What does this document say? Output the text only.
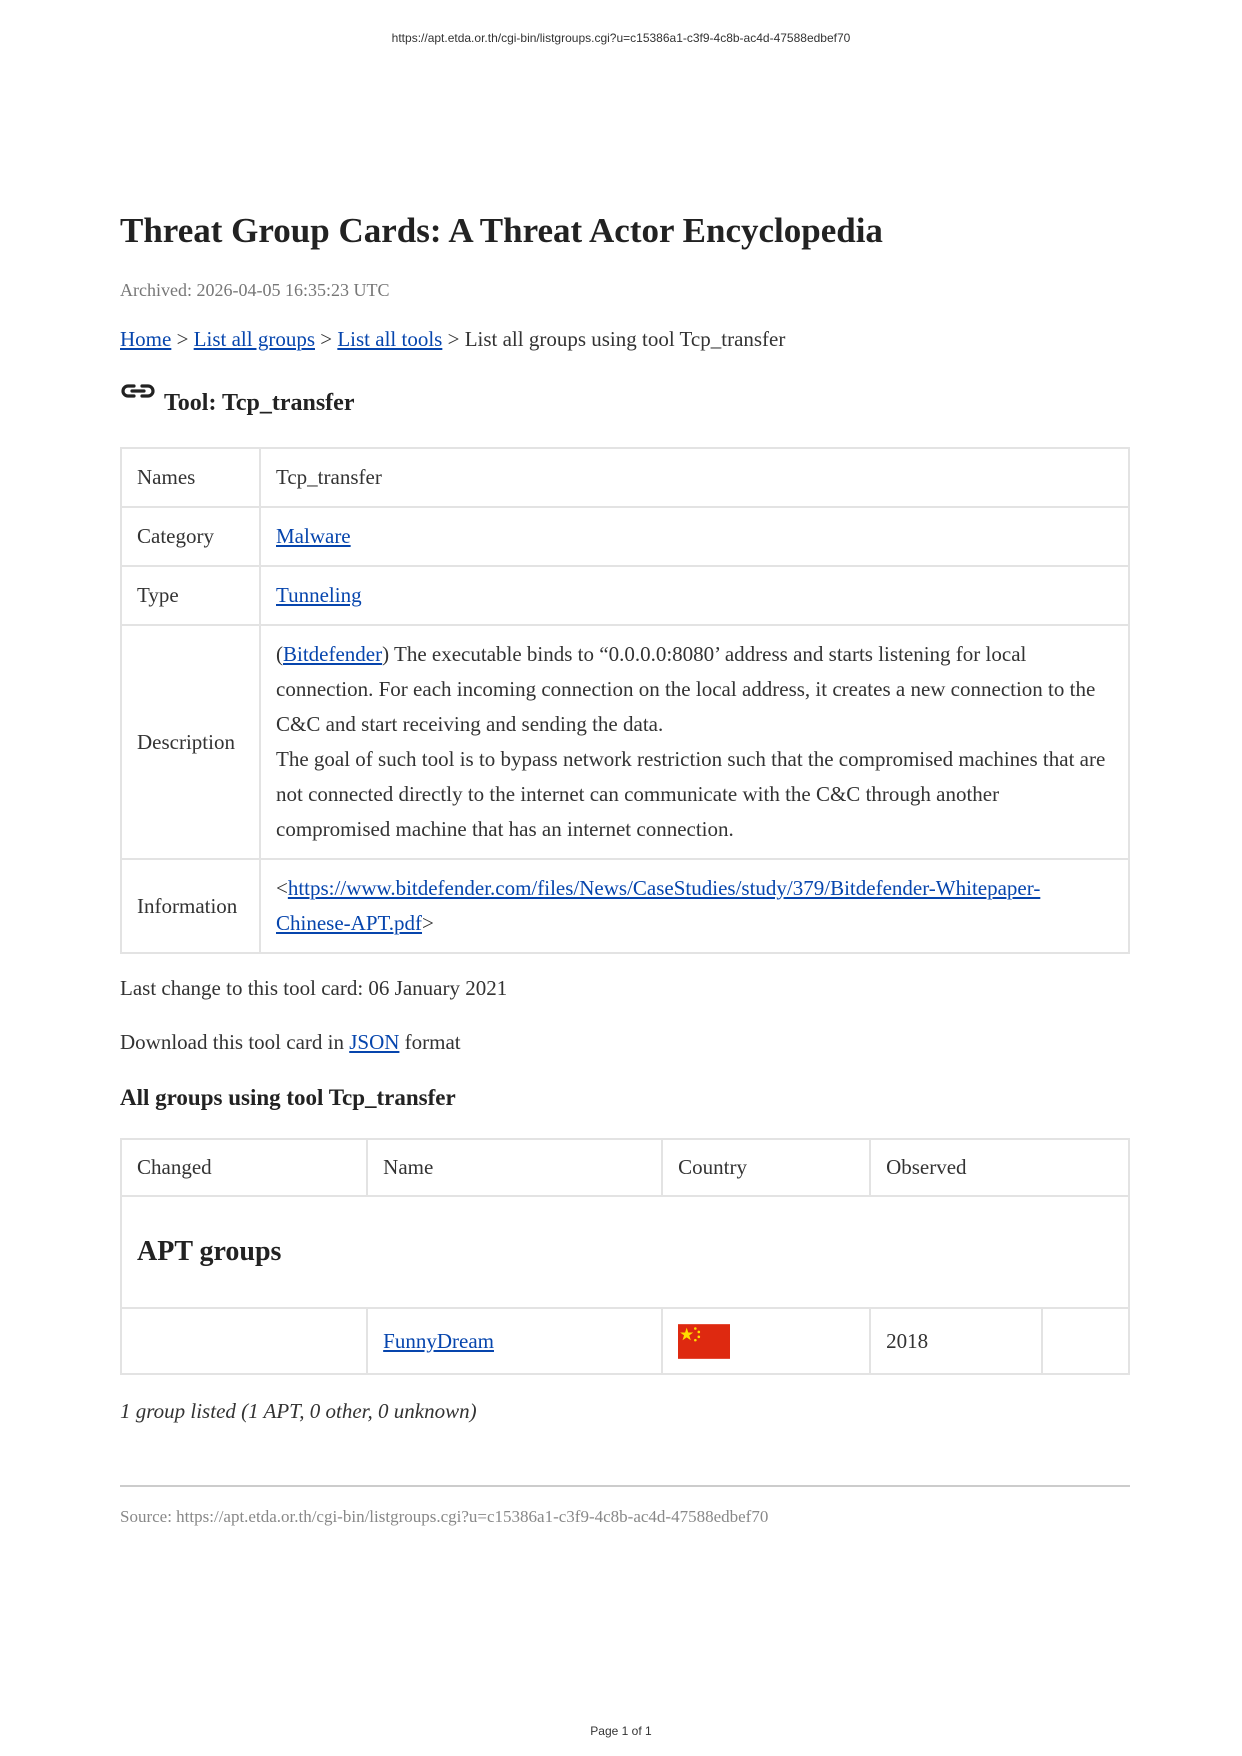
https://apt.etda.or.th/cgi-bin/listgroups.cgi?u=c15386a1-c3f9-4c8b-ac4d-47588edbef70
Threat Group Cards: A Threat Actor Encyclopedia
Archived: 2026-04-05 16:35:23 UTC
Home > List all groups > List all tools > List all groups using tool Tcp_transfer
Tool: Tcp_transfer
Names	Tcp_transfer
Category	Malware
Type	Tunneling
Description	(Bitdefender) The executable binds to “0.0.0.0:8080’ address and starts listening for local connection. For each incoming connection on the local address, it creates a new connection to the C&C and start receiving and sending the data.
The goal of such tool is to bypass network restriction such that the compromised machines that are not connected directly to the internet can communicate with the C&C through another compromised machine that has an internet connection.

Information	<https://www.bitdefender.com/files/News/CaseStudies/study/379/Bitdefender-Whitepaper-Chinese-APT.pdf>
Last change to this tool card: 06 January 2021
Download this tool card in JSON format
All groups using tool Tcp_transfer
Changed	Name	Country	Observed	
APT groups				
	FunnyDream		2018	
1 group listed (1 APT, 0 other, 0 unknown)
Source: https://apt.etda.or.th/cgi-bin/listgroups.cgi?u=c15386a1-c3f9-4c8b-ac4d-47588edbef70
Page 1 of 1
